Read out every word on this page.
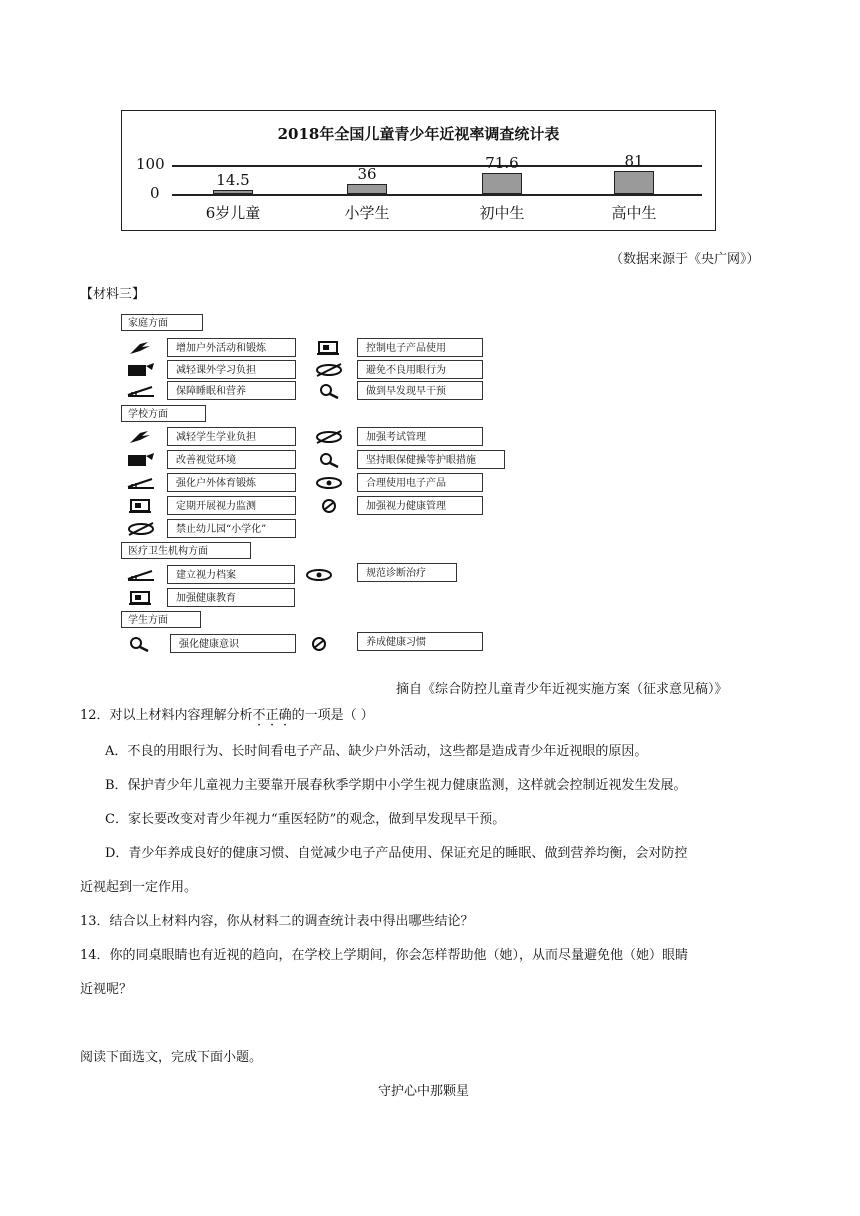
2018年全国儿童青少年近视率调查统计表
100
0
14.5
6岁儿童
36
小学生
71.6
初中生
81
高中生
（数据来源于《央广网》）
【材料三】
家庭方面
增加户外活动和锻炼
减轻课外学习负担
保障睡眠和营养
控制电子产品使用
避免不良用眼行为
做到早发现早干预
学校方面
减轻学生学业负担
改善视觉环境
强化户外体育锻炼
定期开展视力监测
禁止幼儿园“小学化”
加强考试管理
坚持眼保健操等护眼措施
合理使用电子产品
加强视力健康管理
医疗卫生机构方面
建立视力档案
加强健康教育
规范诊断治疗
学生方面
强化健康意识	养成健康习惯
摘自《综合防控儿童青少年近视实施方案（征求意见稿）》
12．对以上材料内容理解分析不正确的一项是（ ）
A．不良的用眼行为、长时间看电子产品、缺少户外活动，这些都是造成青少年近视眼的原因。
B．保护青少年儿童视力主要靠开展春秋季学期中小学生视力健康监测，这样就会控制近视发生发展。
C．家长要改变对青少年视力“重医轻防”的观念，做到早发现早干预。
D．青少年养成良好的健康习惯、自觉减少电子产品使用、保证充足的睡眠、做到营养均衡，会对防控
近视起到一定作用。
13．结合以上材料内容，你从材料二的调查统计表中得出哪些结论？
14．你的同桌眼睛也有近视的趋向，在学校上学期间，你会怎样帮助他（她），从而尽量避免他（她）眼睛
近视呢？
阅读下面选文，完成下面小题。
守护心中那颗星
